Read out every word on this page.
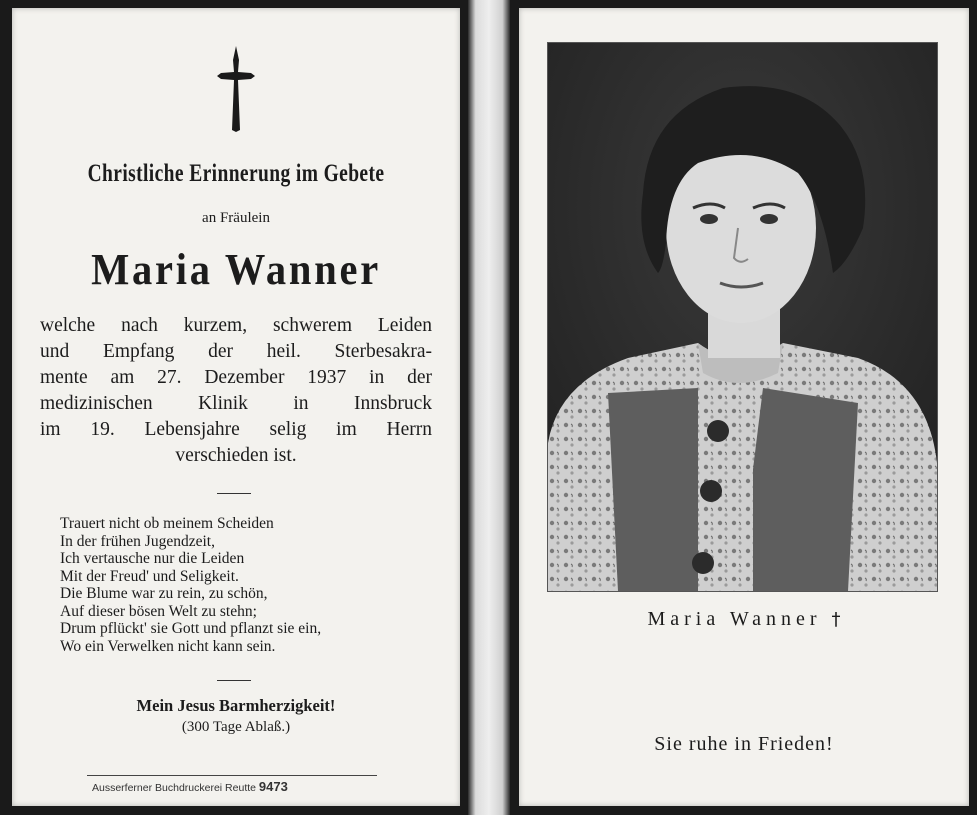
Christliche Erinnerung im Gebete
an Fräulein
Maria Wanner
welche nach kurzem, schwerem Leiden
und Empfang der heil. Sterbesakra-
mente am 27. Dezember 1937 in der
medizinischen Klinik in Innsbruck
im 19. Lebensjahre selig im Herrn
verschieden ist.
Trauert nicht ob meinem Scheiden
In der frühen Jugendzeit,
Ich vertausche nur die Leiden
Mit der Freud' und Seligkeit.
Die Blume war zu rein, zu schön,
Auf dieser bösen Welt zu stehn;
Drum pflückt' sie Gott und pflanzt sie ein,
Wo ein Verwelken nicht kann sein.
Mein Jesus Barmherzigkeit!
(300 Tage Ablaß.)
Ausserferner Buchdruckerei Reutte 9473
Maria Wanner †
Sie ruhe in Frieden!
